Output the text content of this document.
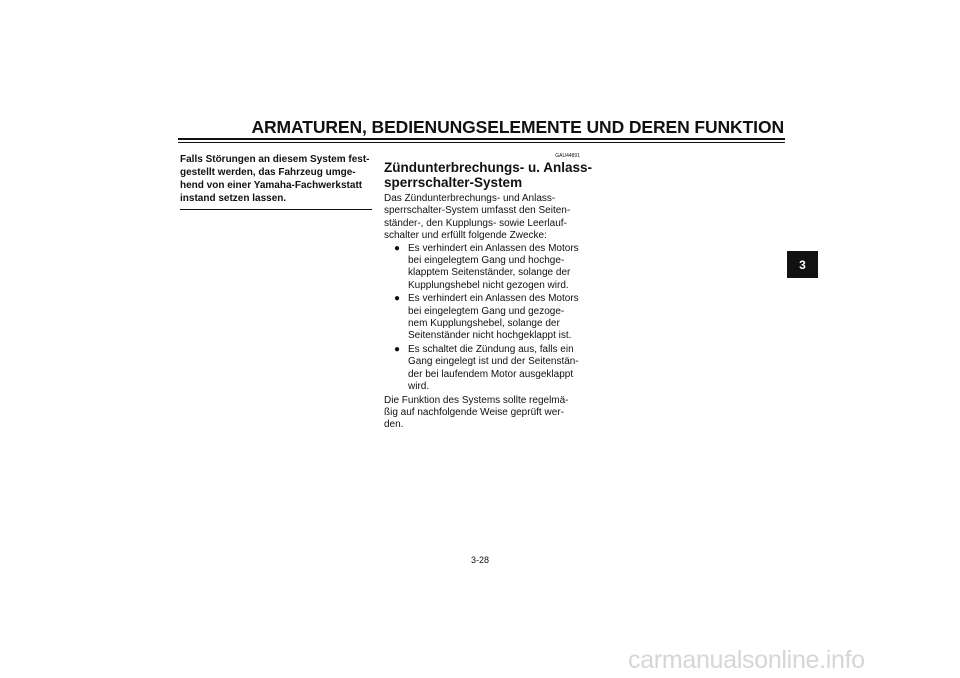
ARMATUREN, BEDIENUNGSELEMENTE UND DEREN FUNKTION

Falls Störungen an diesem System fest-

gestellt werden, das Fahrzeug umge-

hend von einer Yamaha-Fachwerkstatt

instand setzen lassen.

GAU44891

Zündunterbrechungs- u. Anlass-
sperrschalter-System

Das Zündunterbrechungs- und Anlass-

sperrschalter-System umfasst den Seiten-

ständer-, den Kupplungs- sowie Leerlauf-

schalter und erfüllt folgende Zwecke:

● Es verhindert ein Anlassen des Motors
bei eingelegtem Gang und hochge-
klapptem Seitenständer, solange der
Kupplungshebel nicht gezogen wird.
● Es verhindert ein Anlassen des Motors
bei eingelegtem Gang und gezoge-
nem Kupplungshebel, solange der
Seitenständer nicht hochgeklappt ist.
● Es schaltet die Zündung aus, falls ein
Gang eingelegt ist und der Seitenstän-
der bei laufendem Motor ausgeklappt
wird.

Die Funktion des Systems sollte regelmä-

ßig auf nachfolgende Weise geprüft wer-

den.

3
3-28
carmanualsonline.info
